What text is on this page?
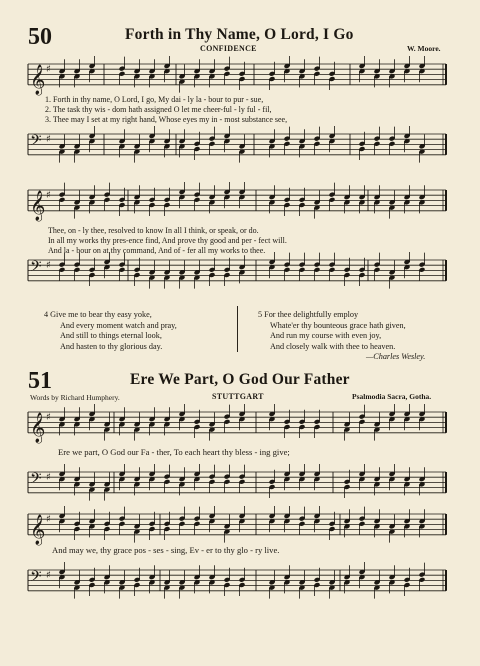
50	Forth in Thy Name, O Lord, I Go
CONFIDENCE	W. Moore.
𝄞 ♯
1. Forth in thy name, O Lord, I go, My dai - ly la - bour to pur - sue,
2. The task thy wis - dom hath assigned O let me cheer-ful - ly ful - fil,
3. Thee may I set at my right hand, Whose eyes my in - most substance see,
𝄢 ♯
𝄞 ♯
Thee, on - ly thee, resolved to know In all I think, or speak, or do.
In all my works thy pres-ence find, And prove thy good and per - fect will.
And la - bour on at thy command, And of - fer all my works to thee.
𝄢 ♯
4 Give me to bear thy easy yoke,
And every moment watch and pray,
And still to things eternal look,
And hasten to thy glorious day.
5 For thee delightfully employ
Whate'er thy bounteous grace hath given,
And run my course with even joy,
And closely walk with thee to heaven.
—Charles Wesley.
51	Ere We Part, O God Our Father
Words by Richard Humphery.	STUTTGART	Psalmodia Sacra, Gotha.
𝄞 ♯
Ere we part, O God our Fa - ther, To each heart thy bless - ing give;
𝄢 ♯
𝄞 ♯
And may we, thy grace pos - ses - sing, Ev - er to thy glo - ry live.
𝄢 ♯
